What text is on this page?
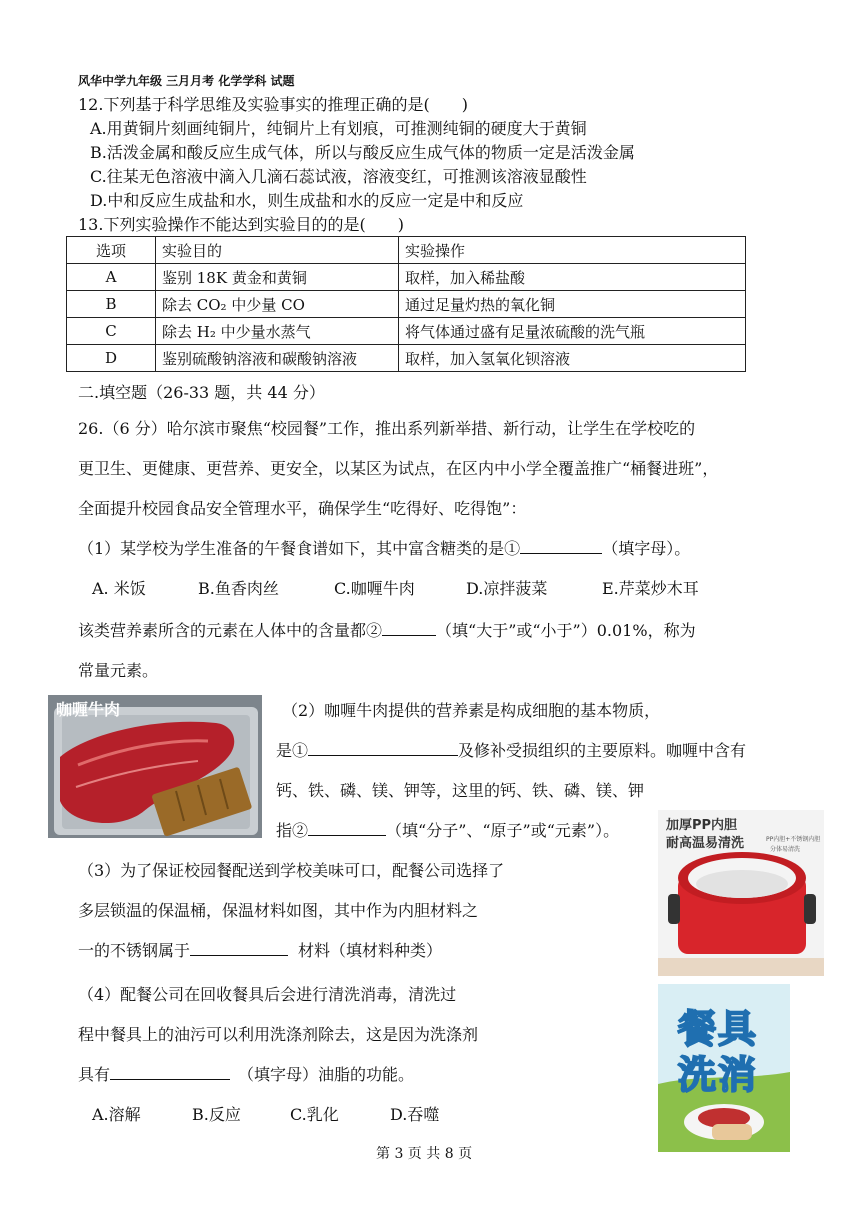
风华中学九年级 三月月考 化学学科 试题
12.下列基于科学思维及实验事实的推理正确的是(　　)
A.用黄铜片刻画纯铜片，纯铜片上有划痕，可推测纯铜的硬度大于黄铜
B.活泼金属和酸反应生成气体，所以与酸反应生成气体的物质一定是活泼金属
C.往某无色溶液中滴入几滴石蕊试液，溶液变红，可推测该溶液显酸性
D.中和反应生成盐和水，则生成盐和水的反应一定是中和反应
13.下列实验操作不能达到实验目的的是(　　)
选项	实验目的	实验操作
A	鉴别 18K 黄金和黄铜	取样，加入稀盐酸
B	除去 CO₂ 中少量 CO	通过足量灼热的氧化铜
C	除去 H₂ 中少量水蒸气	将气体通过盛有足量浓硫酸的洗气瓶
D	鉴别硫酸钠溶液和碳酸钠溶液	取样，加入氢氧化钡溶液
二.填空题（26-33 题，共 44 分）
26.（6 分）哈尔滨市聚焦“校园餐”工作，推出系列新举措、新行动，让学生在学校吃的
更卫生、更健康、更营养、更安全，以某区为试点，在区内中小学全覆盖推广“桶餐进班”，
全面提升校园食品安全管理水平，确保学生“吃得好、吃得饱”：
（1）某学校为学生准备的午餐食谱如下，其中富含糖类的是①	（填字母）。
A. 米饭	B.鱼香肉丝	C.咖喱牛肉	D.凉拌菠菜	E.芹菜炒木耳
该类营养素所含的元素在人体中的含量都②	（填“大于”或“小于”）0.01%，称为
常量元素。
咖喱牛肉	（2）咖喱牛肉提供的营养素是构成细胞的基本物质，
是①	及修补受损组织的主要原料。咖喱中含有
钙、铁、磷、镁、钾等，这里的钙、铁、磷、镁、钾
指②	（填“分子”、“原子”或“元素”）。	加厚PP内胆
耐高温易清洗	PP内胆+不锈钢内胆
分体易清洗
（3）为了保证校园餐配送到学校美味可口，配餐公司选择了
多层锁温的保温桶，保温材料如图，其中作为内胆材料之
一的不锈钢属于	材料（填材料种类）
餐具
洗消
（4）配餐公司在回收餐具后会进行清洗消毒，清洗过
程中餐具上的油污可以利用洗涤剂除去，这是因为洗涤剂
具有	（填字母）油脂的功能。
A.溶解	B.反应	C.乳化	D.吞噬
第 3 页 共 8 页
